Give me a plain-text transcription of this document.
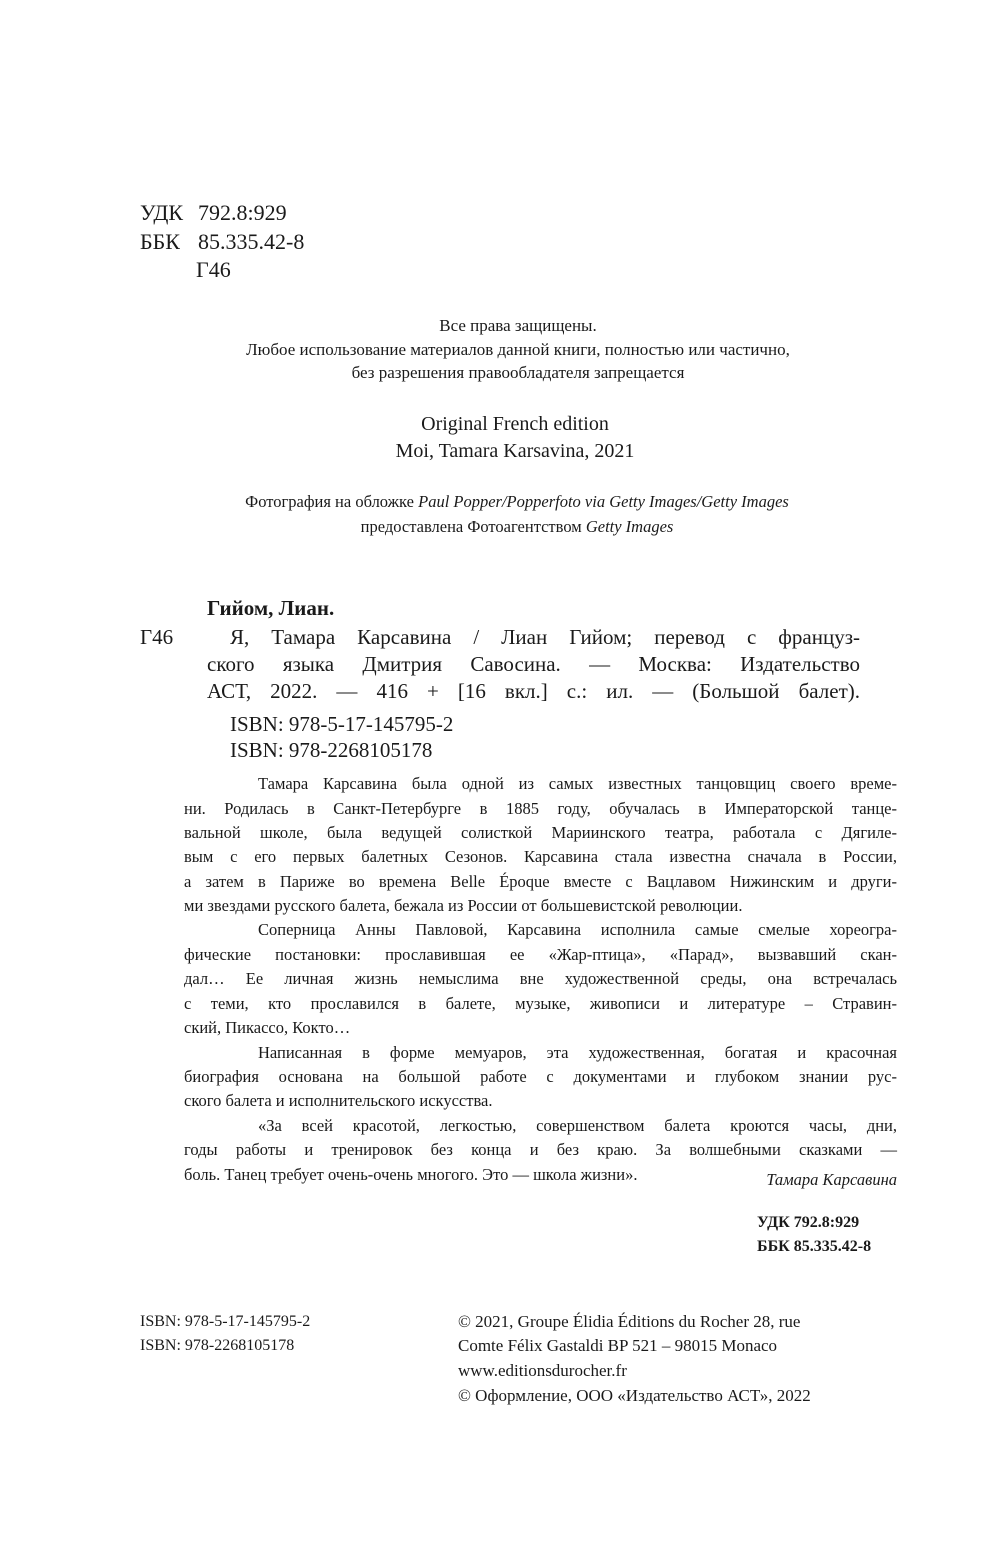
УДК 792.8:929
ББК 85.335.42-8
Г46
Все права защищены.
Любое использование материалов данной книги, полностью или частично,
без разрешения правообладателя запрещается
Original French edition
Moi, Tamara Karsavina, 2021
Фотография на обложке Paul Popper/Popperfoto via Getty Images/Getty Images
предоставлена Фотоагентством Getty Images
Гийом, Лиан.
Г46	Я, Тамара Карсавина / Лиан Гийом; перевод с француз-
ского языка Дмитрия Савосина. — Москва: Издательство
АСТ, 2022. — 416 + [16 вкл.] с.: ил. — (Большой балет).
ISBN: 978-5-17-145795-2
ISBN: 978-2268105178
Тамара Карсавина была одной из самых известных танцовщиц своего време-
ни. Родилась в Санкт-Петербурге в 1885 году, обучалась в Императорской танце-
вальной школе, была ведущей солисткой Мариинского театра, работала с Дягиле-
вым с его первых балетных Сезонов. Карсавина стала известна сначала в России,
а затем в Париже во времена Belle Époque вместе с Вацлавом Нижинским и други-
ми звездами русского балета, бежала из России от большевистской революции.
Соперница Анны Павловой, Карсавина исполнила самые смелые хореогра-
фические постановки: прославившая ее «Жар-птица», «Парад», вызвавший скан-
дал… Ее личная жизнь немыслима вне художественной среды, она встречалась
с теми, кто прославился в балете, музыке, живописи и литературе – Стравин-
ский, Пикассо, Кокто…
Написанная в форме мемуаров, эта художественная, богатая и красочная
биография основана на большой работе с документами и глубоком знании рус-
ского балета и исполнительского искусства.
«За всей красотой, легкостью, совершенством балета кроются часы, дни,
годы работы и тренировок без конца и без краю. За волшебными сказками —
боль. Танец требует очень-очень многого. Это — школа жизни».	Тамара Карсавина
УДК 792.8:929
ББК 85.335.42-8
ISBN: 978-5-17-145795-2
ISBN: 978-2268105178
© 2021, Groupe Élidia Éditions du Rocher 28, rue
Comte Félix Gastaldi BP 521 – 98015 Monaco
www.editionsdurocher.fr
© Оформление, ООО «Издательство АСТ», 2022
